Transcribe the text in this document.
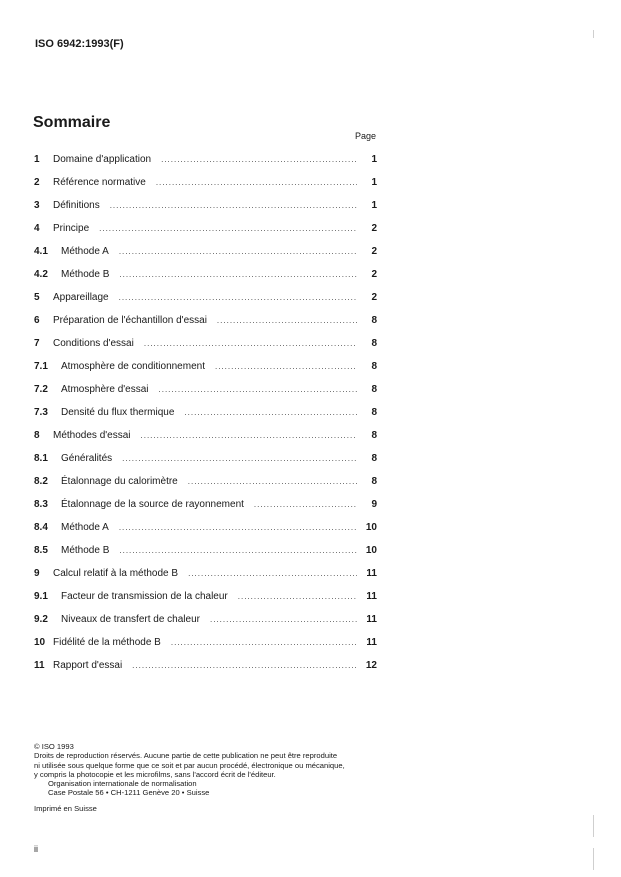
ISO 6942:1993(F)
Sommaire
Page
1	Domaine d'application .....	1
2	Référence normative .....	1
3	Définitions .....	1
4	Principe .....	2
4.1	Méthode A .....	2
4.2	Méthode B .....	2
5	Appareillage .....	2
6	Préparation de l'échantillon d'essai .....	8
7	Conditions d'essai .....	8
7.1	Atmosphère de conditionnement .....	8
7.2	Atmosphère d'essai .....	8
7.3	Densité du flux thermique .....	8
8	Méthodes d'essai .....	8
8.1	Généralités .....	8
8.2	Étalonnage du calorimètre .....	8
8.3	Étalonnage de la source de rayonnement .....	9
8.4	Méthode A .....	10
8.5	Méthode B .....	10
9	Calcul relatif à la méthode B .....	11
9.1	Facteur de transmission de la chaleur .....	11
9.2	Niveaux de transfert de chaleur .....	11
10 Fidélité de la méthode B .....	11
11 Rapport d'essai .....	12
© ISO 1993
Droits de reproduction réservés. Aucune partie de cette publication ne peut être reproduite
ni utilisée sous quelque forme que ce soit et par aucun procédé, électronique ou mécanique,
y compris la photocopie et les microfilms, sans l'accord écrit de l'éditeur.
Organisation internationale de normalisation
Case Postale 56 • CH-1211 Genève 20 • Suisse
Imprimé en Suisse
ii
